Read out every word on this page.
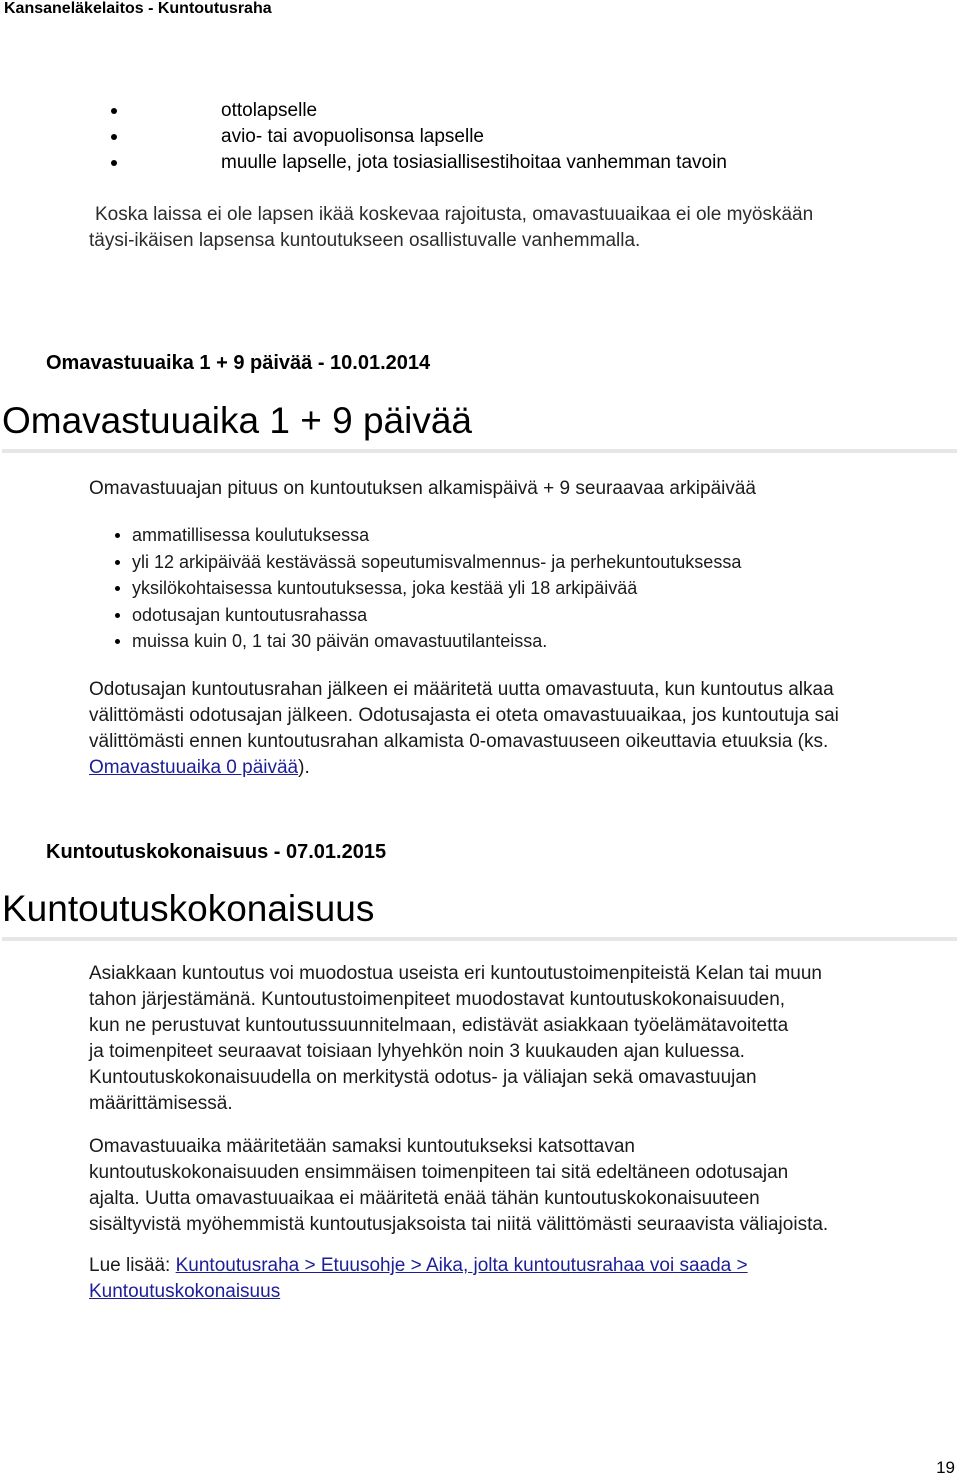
Kansaneläkelaitos - Kuntoutusraha
ottolapselle
avio- tai avopuolisonsa lapselle
muulle lapselle, jota tosiasiallisestihoitaa vanhemman tavoin

Koska laissa ei ole lapsen ikää koskevaa rajoitusta, omavastuuaikaa ei ole myöskään
täysi-ikäisen lapsensa kuntoutukseen osallistuvalle vanhemmalla.

Omavastuuaika 1 + 9 päivää - 10.01.2014
Omavastuuaika 1 + 9 päivää

Omavastuuajan pituus on kuntoutuksen alkamispäivä + 9 seuraavaa arkipäivää

ammatillisessa koulutuksessa
yli 12 arkipäivää kestävässä sopeutumisvalmennus- ja perhekuntoutuksessa
yksilökohtaisessa kuntoutuksessa, joka kestää yli 18 arkipäivää
odotusajan kuntoutusrahassa
muissa kuin 0, 1 tai 30 päivän omavastuutilanteissa.

Odotusajan kuntoutusrahan jälkeen ei määritetä uutta omavastuuta, kun kuntoutus alkaa
välittömästi odotusajan jälkeen. Odotusajasta ei oteta omavastuuaikaa, jos kuntoutuja sai
välittömästi ennen kuntoutusrahan alkamista 0-omavastuuseen oikeuttavia etuuksia (ks.
Omavastuuaika 0 päivää).

Kuntoutuskokonaisuus - 07.01.2015
Kuntoutuskokonaisuus

Asiakkaan kuntoutus voi muodostua useista eri kuntoutustoimenpiteistä Kelan tai muun
tahon järjestämänä. Kuntoutustoimenpiteet muodostavat kuntoutuskokonaisuuden,
kun ne perustuvat kuntoutussuunnitelmaan, edistävät asiakkaan työelämätavoitetta
ja toimenpiteet seuraavat toisiaan lyhyehkön noin 3 kuukauden ajan kuluessa.
Kuntoutuskokonaisuudella on merkitystä odotus- ja väliajan sekä omavastuujan
määrittämisessä.

Omavastuuaika määritetään samaksi kuntoutukseksi katsottavan
kuntoutuskokonaisuuden ensimmäisen toimenpiteen tai sitä edeltäneen odotusajan
ajalta. Uutta omavastuuaikaa ei määritetä enää tähän kuntoutuskokonaisuuteen
sisältyvistä myöhemmistä kuntoutusjaksoista tai niitä välittömästi seuraavista väliajoista.

Lue lisää: Kuntoutusraha > Etuusohje > Aika, jolta kuntoutusrahaa voi saada >
Kuntoutuskokonaisuus

19
